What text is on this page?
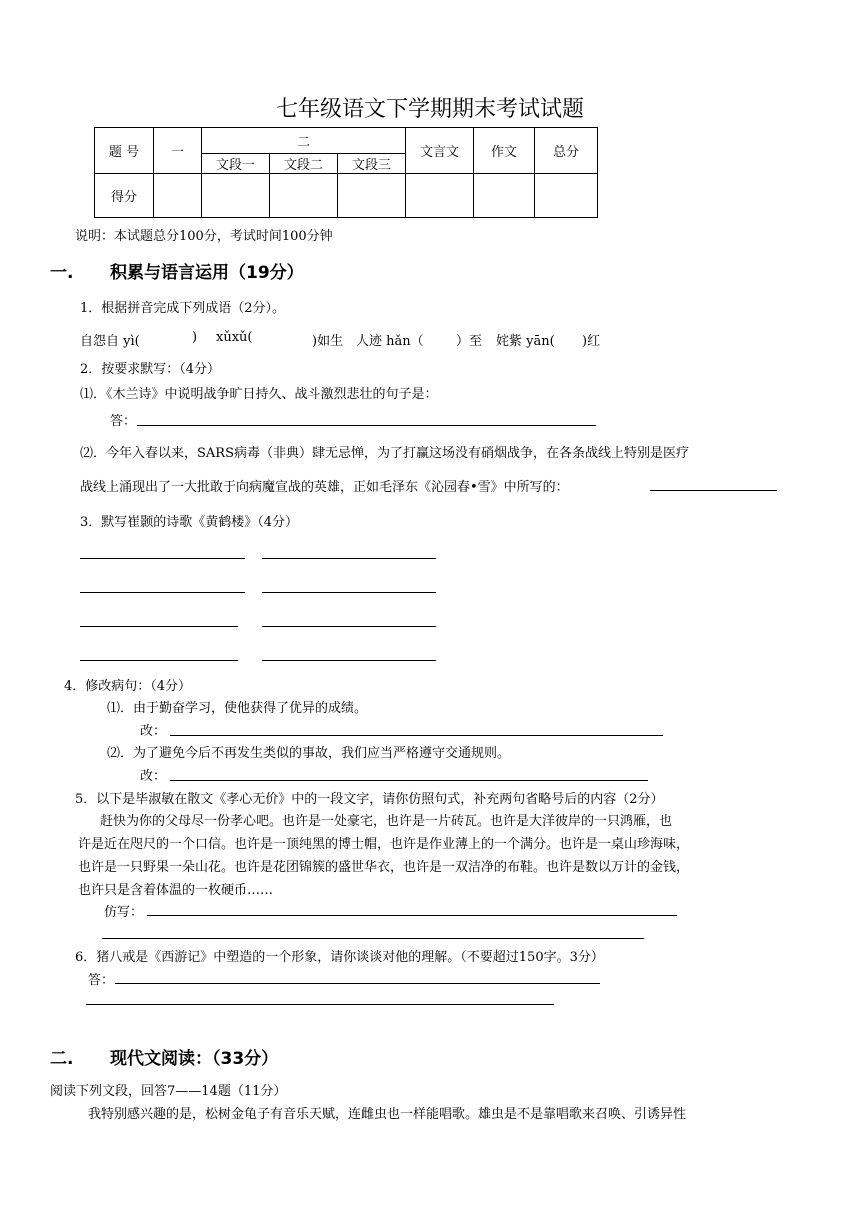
七年级语文下学期期末考试试题
题 号	一	二			文言文	作文	总分
		文段一	文段二	文段三			
得分							
说明：本试题总分100分，考试时间100分钟
一. 积累与语言运用（19分）
1．根据拼音完成下列成语（2分）。
自怨自 yì(	) xǔxǔ(	)如生 人迹 hǎn（ ）至 姹紫 yān( )红
2．按要求默写：（4分）
⑴．《木兰诗》中说明战争旷日持久、战斗激烈悲壮的句子是：
答：
⑵．今年入春以来，SARS病毒（非典）肆无忌惮，为了打赢这场没有硝烟战争，在各条战线上特别是医疗
战线上涌现出了一大批敢于向病魔宣战的英雄，正如毛泽东《沁园春•雪》中所写的：
3．默写崔颢的诗歌《黄鹤楼》（4分）
4．修改病句：（4分）
⑴．由于勤奋学习，使他获得了优异的成绩。
改：
⑵．为了避免今后不再发生类似的事故，我们应当严格遵守交通规则。
改：
5．以下是毕淑敏在散文《孝心无价》中的一段文字，请你仿照句式，补充两句省略号后的内容（2分）
赶快为你的父母尽一份孝心吧。也许是一处豪宅，也许是一片砖瓦。也许是大洋彼岸的一只鸿雁，也
许是近在咫尺的一个口信。也许是一顶纯黑的博士帽，也许是作业薄上的一个满分。也许是一桌山珍海味，
也许是一只野果一朵山花。也许是花团锦簇的盛世华衣，也许是一双洁净的布鞋。也许是数以万计的金钱，
也许只是含着体温的一枚硬币……
仿写：
6．猪八戒是《西游记》中塑造的一个形象，请你谈谈对他的理解。（不要超过150字。3分）
答：
二. 现代文阅读：（33分）
阅读下列文段，回答7——14题（11分）
我特别感兴趣的是，松树金龟子有音乐天赋，连雌虫也一样能唱歌。雄虫是不是靠唱歌来召唤、引诱异性
